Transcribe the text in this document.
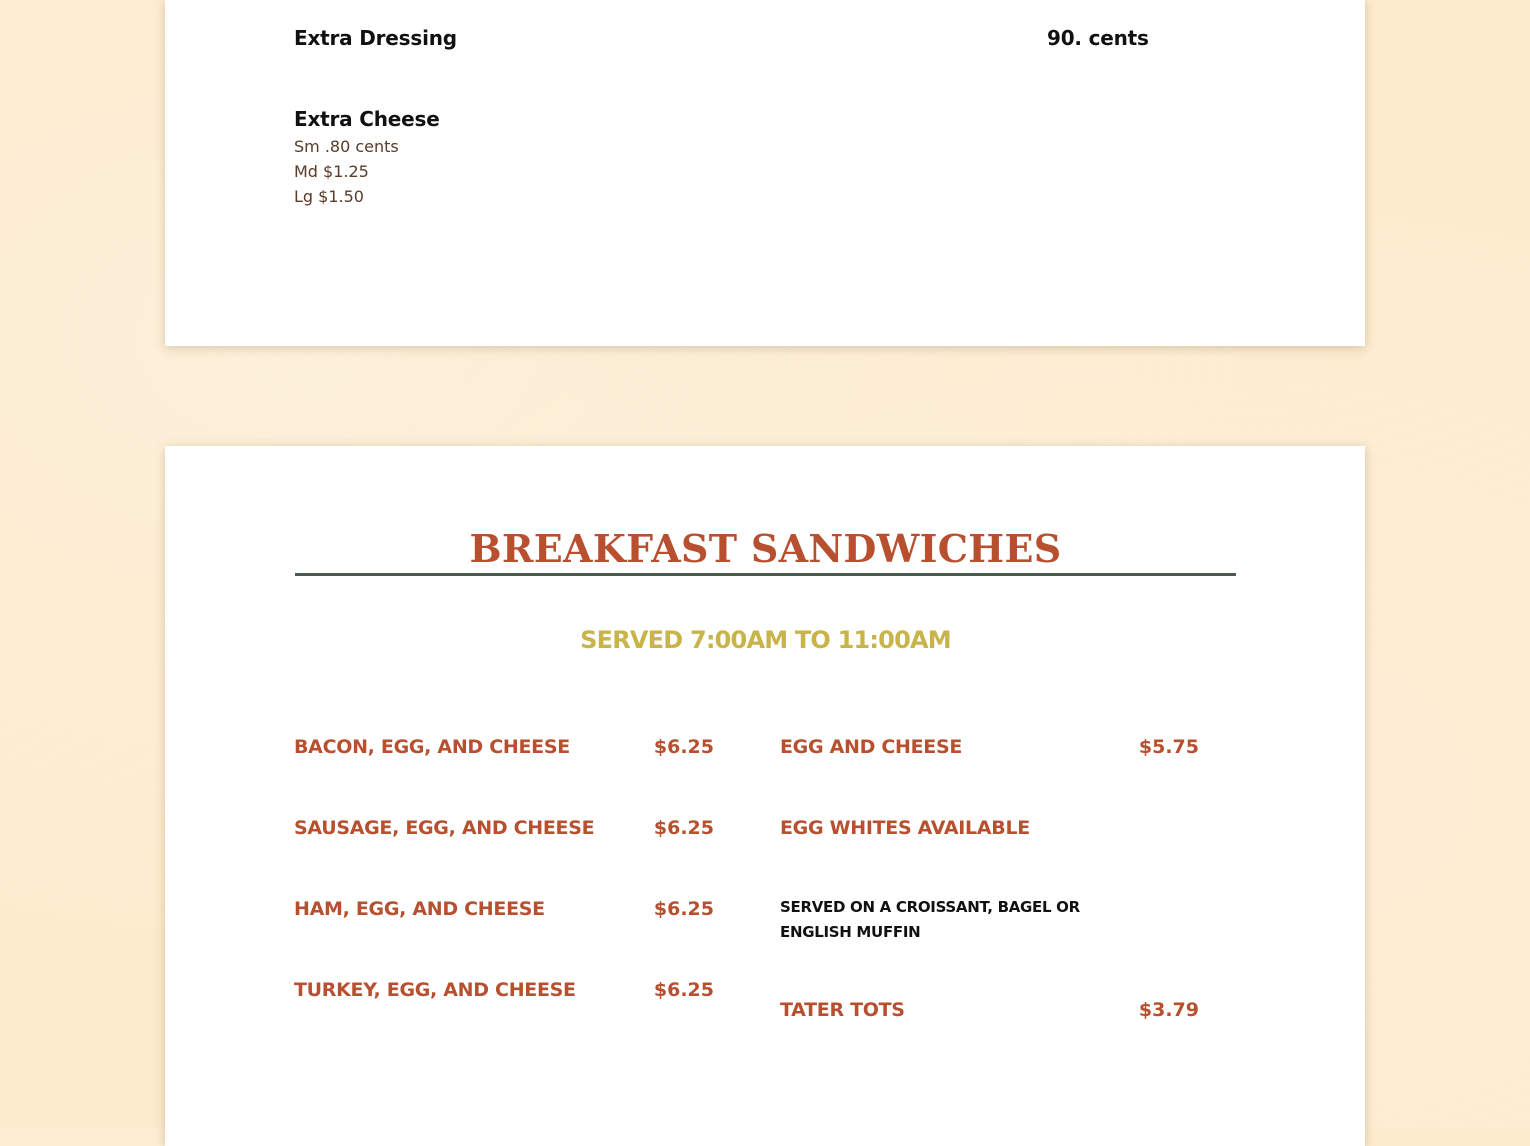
Extra Dressing	90. cents
Extra Cheese
Sm .80 cents
Md $1.25
Lg $1.50
BREAKFAST SANDWICHES
SERVED 7:00AM TO 11:00AM
BACON, EGG, AND CHEESE	$6.25
SAUSAGE, EGG, AND CHEESE	$6.25
HAM, EGG, AND CHEESE	$6.25
TURKEY, EGG, AND CHEESE	$6.25
EGG AND CHEESE	$5.75
EGG WHITES AVAILABLE
SERVED ON A CROISSANT, BAGEL OR ENGLISH MUFFIN
TATER TOTS	$3.79
